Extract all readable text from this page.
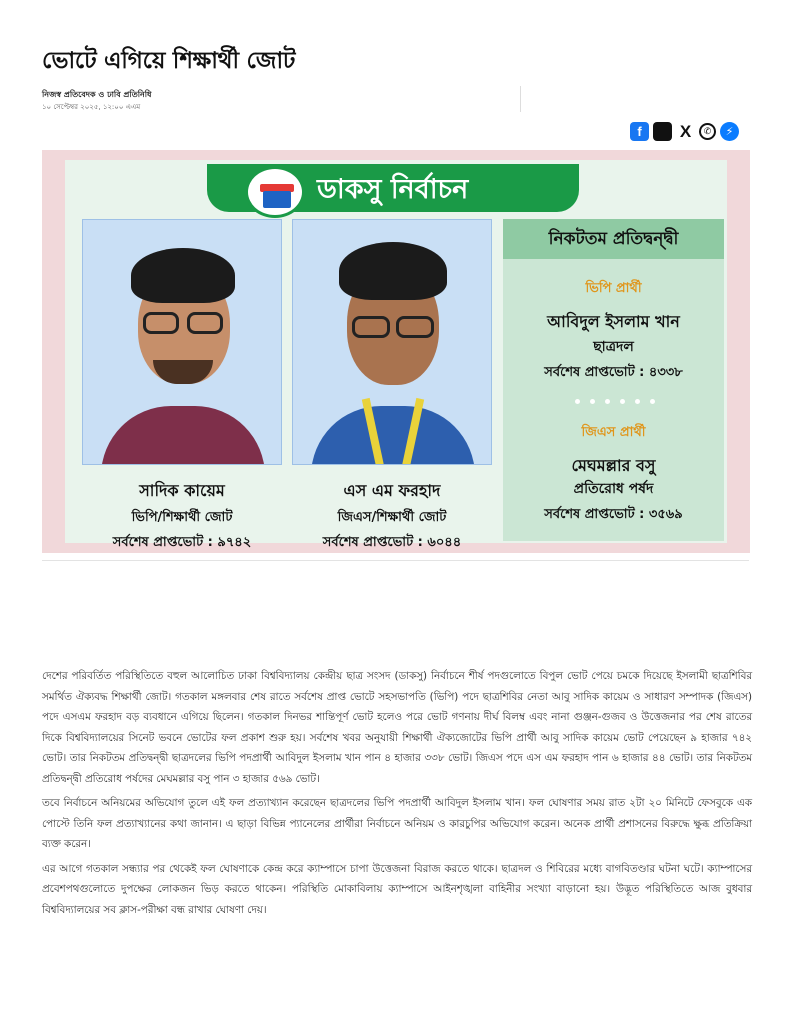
ভোটে এগিয়ে শিক্ষার্থী জোট
নিজস্ব প্রতিবেদক ও ঢাবি প্রতিনিধি
১০ সেপ্টেম্বর ২০২৫, ১২:০০ এএম
f	X	✆	⚡
ডাকসু নির্বাচন
সাদিক কায়েম
ভিপি/শিক্ষার্থী জোট
সর্বশেষ প্রাপ্তভোট : ৯৭৪২
এস এম ফরহাদ
জিএস/শিক্ষার্থী জোট
সর্বশেষ প্রাপ্তভোট : ৬০৪৪
নিকটতম প্রতিদ্বন্দ্বী
ভিপি প্রার্থী
আবিদুল ইসলাম খান
ছাত্রদল
সর্বশেষ প্রাপ্তভোট : ৪৩৩৮
জিএস প্রার্থী
মেঘমল্লার বসু
প্রতিরোধ পর্ষদ
সর্বশেষ প্রাপ্তভোট : ৩৫৬৯

দেশের পরিবর্তিত পরিস্থিতিতে বহুল আলোচিত ঢাকা বিশ্ববিদ্যালয় কেন্দ্রীয় ছাত্র সংসদ (ডাকসু) নির্বাচনে শীর্ষ পদগুলোতে বিপুল ভোট পেয়ে চমকে দিয়েছে ইসলামী ছাত্রশিবির সমর্থিত ঐক্যবদ্ধ শিক্ষার্থী জোট। গতকাল মঙ্গলবার শেষ রাতে সর্বশেষ প্রাপ্ত ভোটে সহসভাপতি (ভিপি) পদে ছাত্রশিবির নেতা আবু সাদিক কায়েম ও সাধারণ সম্পাদক (জিএস) পদে এসএম ফরহাদ বড় ব্যবধানে এগিয়ে ছিলেন। গতকাল দিনভর শান্তিপূর্ণ ভোট হলেও পরে ভোট গণনায় দীর্ঘ বিলম্ব এবং নানা গুঞ্জন-গুজব ও উত্তেজনার পর শেষ রাতের দিকে বিশ্ববিদ্যালয়ের সিনেট ভবনে ভোটের ফল প্রকাশ শুরু হয়। সর্বশেষ খবর অনুযায়ী শিক্ষার্থী ঐক্যজোটের ভিপি প্রার্থী আবু সাদিক কায়েম ভোট পেয়েছেন ৯ হাজার ৭৪২ ভোট। তার নিকটতম প্রতিদ্বন্দ্বী ছাত্রদলের ভিপি পদপ্রার্থী আবিদুল ইসলাম খান পান ৪ হাজার ৩৩৮ ভোট। জিএস পদে এস এম ফরহাদ পান ৬ হাজার ৪৪ ভোট। তার নিকটতম প্রতিদ্বন্দ্বী প্রতিরোধ পর্ষদের মেঘমল্লার বসু পান ৩ হাজার ৫৬৯ ভোট।

তবে নির্বাচনে অনিয়মের অভিযোগ তুলে এই ফল প্রত্যাখ্যান করেছেন ছাত্রদলের ভিপি পদপ্রার্থী আবিদুল ইসলাম খান। ফল ঘোষণার সময় রাত ২টা ২০ মিনিটে ফেসবুকে এক পোস্টে তিনি ফল প্রত্যাখ্যানের কথা জানান। এ ছাড়া বিভিন্ন প্যানেলের প্রার্থীরা নির্বাচনে অনিয়ম ও কারচুপির অভিযোগ করেন। অনেক প্রার্থী প্রশাসনের বিরুদ্ধে ক্ষুব্ধ প্রতিক্রিয়া ব্যক্ত করেন।

এর আগে গতকাল সন্ধ্যার পর থেকেই ফল ঘোষণাকে কেন্দ্র করে ক্যাম্পাসে চাপা উত্তেজনা বিরাজ করতে থাকে। ছাত্রদল ও শিবিরের মধ্যে বাগবিতণ্ডার ঘটনা ঘটে। ক্যাম্পাসের প্রবেশপথগুলোতে দুপক্ষের লোকজন ভিড় করতে থাকেন। পরিস্থিতি মোকাবিলায় ক্যাম্পাসে আইনশৃঙ্খলা বাহিনীর সংখ্যা বাড়ানো হয়। উদ্ভূত পরিস্থিতিতে আজ বুধবার বিশ্ববিদ্যালয়ের সব ক্লাস-পরীক্ষা বন্ধ রাখার ঘোষণা দেয়।
